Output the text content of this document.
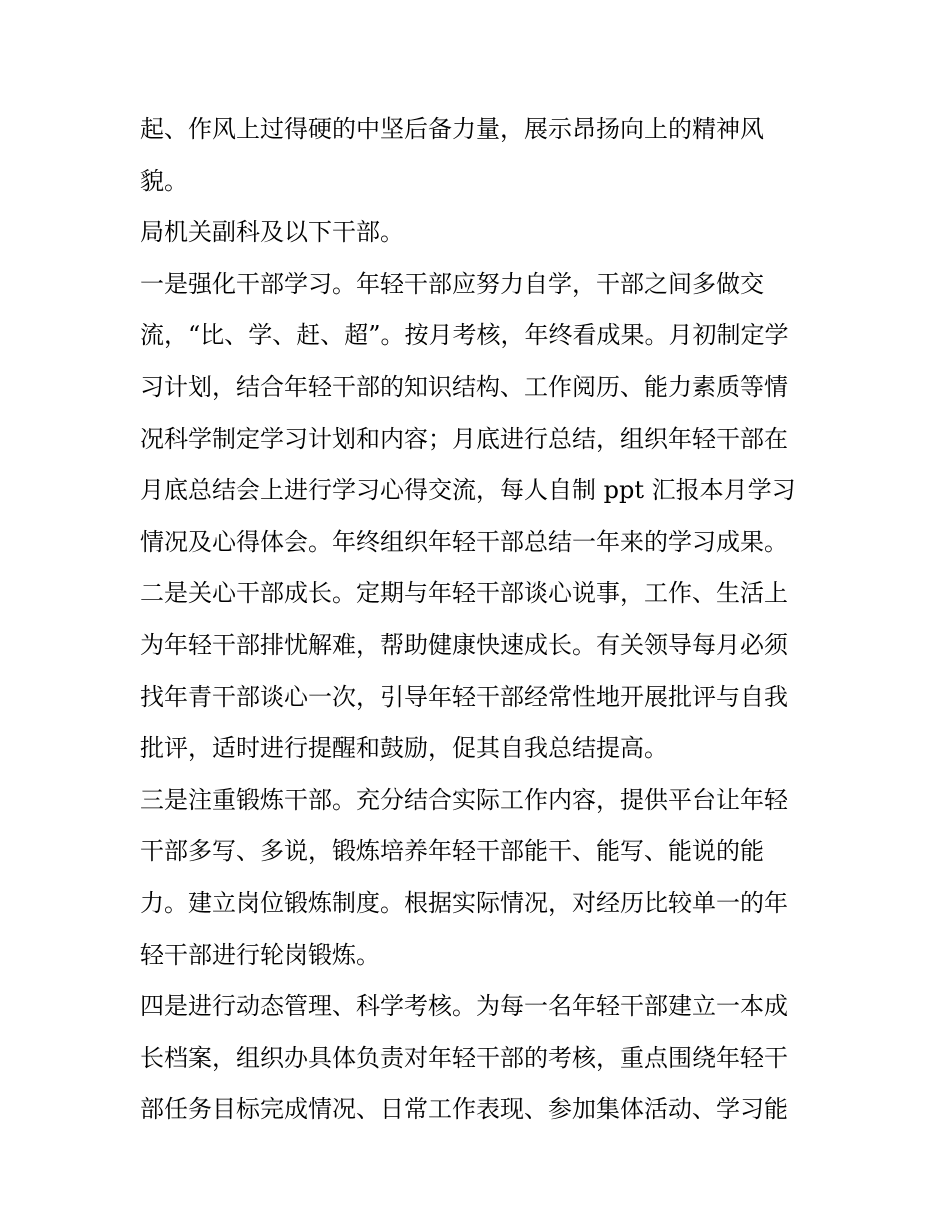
起、作风上过得硬的中坚后备力量，展示昂扬向上的精神风
貌。

局机关副科及以下干部。

一是强化干部学习。年轻干部应努力自学，干部之间多做交
流，“比、学、赶、超”。按月考核，年终看成果。月初制定学
习计划，结合年轻干部的知识结构、工作阅历、能力素质等情
况科学制定学习计划和内容；月底进行总结，组织年轻干部在
月底总结会上进行学习心得交流，每人自制 ppt 汇报本月学习
情况及心得体会。年终组织年轻干部总结一年来的学习成果。

二是关心干部成长。定期与年轻干部谈心说事，工作、生活上
为年轻干部排忧解难，帮助健康快速成长。有关领导每月必须
找年青干部谈心一次，引导年轻干部经常性地开展批评与自我
批评，适时进行提醒和鼓励，促其自我总结提高。

三是注重锻炼干部。充分结合实际工作内容，提供平台让年轻
干部多写、多说，锻炼培养年轻干部能干、能写、能说的能
力。建立岗位锻炼制度。根据实际情况，对经历比较单一的年
轻干部进行轮岗锻炼。

四是进行动态管理、科学考核。为每一名年轻干部建立一本成
长档案，组织办具体负责对年轻干部的考核，重点围绕年轻干
部任务目标完成情况、日常工作表现、参加集体活动、学习能
